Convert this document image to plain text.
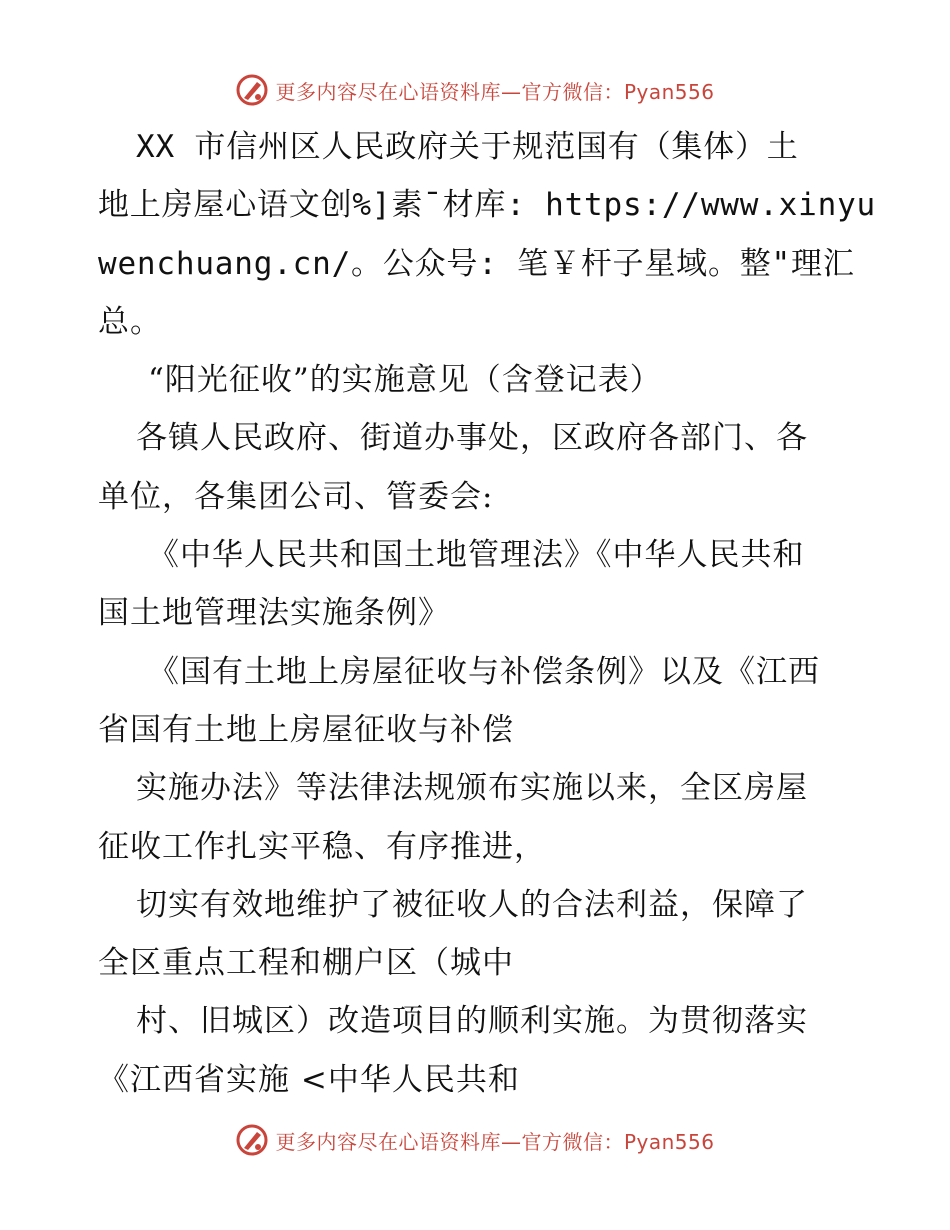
更多内容尽在心语资料库—官方微信：Pyan556
XX 市信州区人民政府关于规范国有（集体）土
地上房屋心语文创%]素¯材库: https://www.xinyu
wenchuang.cn/。公众号: 笔￥杆子星域。整"理汇
总。
“阳光征收”的实施意见（含登记表）
各镇人民政府、街道办事处，区政府各部门、各
单位，各集团公司、管委会:
《中华人民共和国土地管理法》《中华人民共和
国土地管理法实施条例》
《国有土地上房屋征收与补偿条例》以及《江西
省国有土地上房屋征收与补偿
实施办法》等法律法规颁布实施以来，全区房屋
征收工作扎实平稳、有序推进，
切实有效地维护了被征收人的合法利益，保障了
全区重点工程和棚户区（城中
村、旧城区）改造项目的顺利实施。为贯彻落实
《江西省实施 <中华人民共和
更多内容尽在心语资料库—官方微信：Pyan556
